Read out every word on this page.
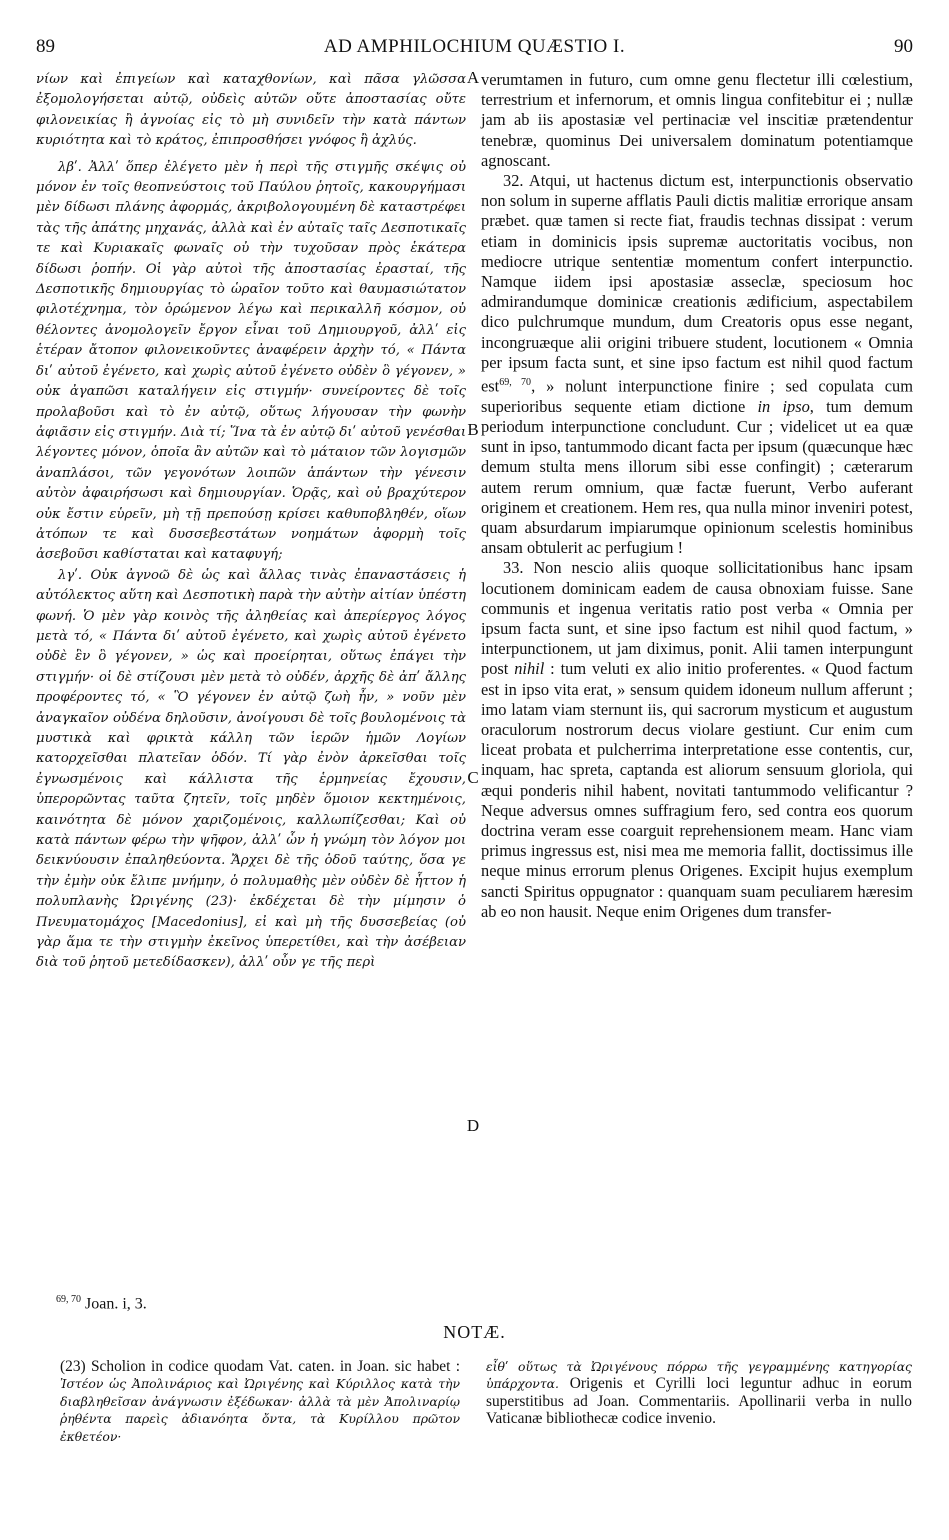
89	AD AMPHILOCHIUM QUÆSTIO I.	90

νίων καὶ ἐπιγείων καὶ καταχθονίων, καὶ πᾶσα γλῶσσα ἐξομολογήσεται αὐτῷ, οὐδεὶς αὐτῶν οὔτε ἀποστασίας οὔτε φιλονεικίας ἢ ἀγνοίας εἰς τὸ μὴ συνιδεῖν τὴν κατὰ πάντων κυριότητα καὶ τὸ κράτος, ἐπιπροσθήσει γνόφος ἢ ἀχλύς.

λβʹ. Ἀλλʹ ὅπερ ἐλέγετο μὲν ἡ περὶ τῆς στιγμῆς σκέψις οὐ μόνον ἐν τοῖς θεοπνεύστοις τοῦ Παύλου ῥητοῖς, κακουργήμασι μὲν δίδωσι πλάνης ἀφορμάς, ἀκριβολογουμένη δὲ καταστρέφει τὰς τῆς ἀπάτης μηχανάς, ἀλλὰ καὶ ἐν αὐταῖς ταῖς Δεσποτικαῖς τε καὶ Κυριακαῖς φωναῖς οὐ τὴν τυχοῦσαν πρὸς ἑκάτερα δίδωσι ῥοπήν. Οἱ γὰρ αὐτοὶ τῆς ἀποστασίας ἐρασταί, τῆς Δεσποτικῆς δημιουργίας τὸ ὡραῖον τοῦτο καὶ θαυμασιώτατον φιλοτέχνημα, τὸν ὁρώμενον λέγω καὶ περικαλλῆ κόσμον, οὐ θέλοντες ἀνομολογεῖν ἔργον εἶναι τοῦ Δημιουργοῦ, ἀλλʹ εἰς ἑτέραν ἄτοπον φιλονεικοῦντες ἀναφέρειν ἀρχὴν τό, « Πάντα διʹ αὐτοῦ ἐγένετο, καὶ χωρὶς αὐτοῦ ἐγένετο οὐδὲν ὃ γέγονεν, » οὐκ ἀγαπῶσι καταλήγειν εἰς στιγμήν· συνείροντες δὲ τοῖς προλαβοῦσι καὶ τὸ ἐν αὐτῷ, οὕτως λήγουσαν τὴν φωνὴν ἀφιᾶσιν εἰς στιγμήν. Διὰ τί; Ἵνα τὰ ἐν αὐτῷ διʹ αὐτοῦ γενέσθαι λέγοντες μόνον, ὁποῖα ἂν αὐτῶν καὶ τὸ μάταιον τῶν λογισμῶν ἀναπλάσοι, τῶν γεγονότων λοιπῶν ἁπάντων τὴν γένεσιν αὐτὸν ἀφαιρήσωσι καὶ δημιουργίαν. Ὁρᾷς, καὶ οὐ βραχύτερον οὐκ ἔστιν εὑρεῖν, μὴ τῇ πρεπούσῃ κρίσει καθυποβληθέν, οἵων ἀτόπων τε καὶ δυσσεβεστάτων νοημάτων ἀφορμὴ τοῖς ἀσεβοῦσι καθίσταται καὶ καταφυγή;

λγʹ. Οὐκ ἀγνοῶ δὲ ὡς καὶ ἄλλας τινὰς ἐπαναστάσεις ἡ αὐτόλεκτος αὕτη καὶ Δεσποτικὴ παρὰ τὴν αὐτὴν αἰτίαν ὑπέστη φωνή. Ὁ μὲν γὰρ κοινὸς τῆς ἀληθείας καὶ ἀπερίεργος λόγος μετὰ τό, « Πάντα διʹ αὐτοῦ ἐγένετο, καὶ χωρὶς αὐτοῦ ἐγένετο οὐδὲ ἓν ὃ γέγονεν, » ὡς καὶ προείρηται, οὕτως ἐπάγει τὴν στιγμήν· οἱ δὲ στίζουσι μὲν μετὰ τὸ οὐδέν, ἀρχῆς δὲ ἀπʹ ἄλλης προφέροντες τό, « Ὃ γέγονεν ἐν αὐτῷ ζωὴ ἦν, » νοῦν μὲν ἀναγκαῖον οὐδένα δηλοῦσιν, ἀνοίγουσι δὲ τοῖς βουλομένοις τὰ μυστικὰ καὶ φρικτὰ κάλλη τῶν ἱερῶν ἡμῶν Λογίων κατορχεῖσθαι πλατεῖαν ὁδόν. Τί γὰρ ἐνὸν ἀρκεῖσθαι τοῖς ἐγνωσμένοις καὶ κάλλιστα τῆς ἑρμηνείας ἔχουσιν, ὑπερορῶντας ταῦτα ζητεῖν, τοῖς μηδὲν ὅμοιον κεκτημένοις, καινότητα δὲ μόνον χαριζομένοις, καλλωπίζεσθαι; Καὶ οὐ κατὰ πάντων φέρω τὴν ψῆφον, ἀλλʹ ὧν ἡ γνώμη τὸν λόγον μοι δεικνύουσιν ἐπαληθεύοντα. Ἄρχει δὲ τῆς ὁδοῦ ταύτης, ὅσα γε τὴν ἐμὴν οὐκ ἔλιπε μνήμην, ὁ πολυμαθὴς μὲν οὐδὲν δὲ ἧττον ἡ πολυπλανὴς Ὠριγένης (23)· ἐκδέχεται δὲ τὴν μίμησιν ὁ Πνευματομάχος [Macedonius], εἰ καὶ μὴ τῆς δυσσεβείας (οὐ γὰρ ἅμα τε τὴν στιγμὴν ἐκεῖνος ὑπερετίθει, καὶ τὴν ἀσέβειαν διὰ τοῦ ῥητοῦ μετεδίδασκεν), ἀλλʹ οὖν γε τῆς περὶ

A
B
C
D

verumtamen in futuro, cum omne genu flectetur illi cœlestium, terrestrium et infernorum, et omnis lingua confitebitur ei ; nullæ jam ab iis apostasiæ vel pertinaciæ vel inscitiæ prætendentur tenebræ, quominus Dei universalem dominatum potentiamque agnoscant.

32. Atqui, ut hactenus dictum est, interpunctionis observatio non solum in superne afflatis Pauli dictis malitiæ errorique ansam præbet. quæ tamen si recte fiat, fraudis technas dissipat : verum etiam in dominicis ipsis supremæ auctoritatis vocibus, non mediocre utrique sententiæ momentum confert interpunctio. Namque iidem ipsi apostasiæ asseclæ, speciosum hoc admirandumque dominicæ creationis ædificium, aspectabilem dico pulchrumque mundum, dum Creatoris opus esse negant, incongruæque alii origini tribuere student, locutionem « Omnia per ipsum facta sunt, et sine ipso factum est nihil quod factum est$^{69, 70}$, » nolunt interpunctione finire ; sed copulata cum superioribus sequente etiam dictione in ipso, tum demum periodum interpunctione concludunt. Cur ; videlicet ut ea quæ sunt in ipso, tantummodo dicant facta per ipsum (quæcunque hæc demum stulta mens illorum sibi esse confingit) ; cæterarum autem rerum omnium, quæ factæ fuerunt, Verbo auferant originem et creationem. Hem res, qua nulla minor inveniri potest, quam absurdarum impiarumque opinionum scelestis hominibus ansam obtulerit ac perfugium !

33. Non nescio aliis quoque sollicitationibus hanc ipsam locutionem dominicam eadem de causa obnoxiam fuisse. Sane communis et ingenua veritatis ratio post verba « Omnia per ipsum facta sunt, et sine ipso factum est nihil quod factum, » interpunctionem, ut jam diximus, ponit. Alii tamen interpungunt post nihil : tum veluti ex alio initio proferentes. « Quod factum est in ipso vita erat, » sensum quidem idoneum nullum afferunt ; imo latam viam sternunt iis, qui sacrorum mysticum et augustum oraculorum nostrorum decus violare gestiunt. Cur enim cum liceat probata et pulcherrima interpretatione esse contentis, cur, inquam, hac spreta, captanda est aliorum sensuum gloriola, qui æqui ponderis nihil habent, novitati tantummodo velificantur ? Neque adversus omnes suffragium fero, sed contra eos quorum doctrina veram esse coarguit reprehensionem meam. Hanc viam primus ingressus est, nisi mea me memoria fallit, doctissimus ille neque minus errorum plenus Origenes. Excipit hujus exemplum sancti Spiritus oppugnator : quanquam suam peculiarem hæresim ab eo non hausit. Neque enim Origenes dum transfer-

$^{69, 70}$ Joan. i, 3.
NOTÆ.
(23) Scholion in codice quodam Vat. caten. in Joan. sic habet : Ἰστέον ὡς Ἀπολινάριος καὶ Ὠριγένης καὶ Κύριλλος κατὰ τὴν διαβληθεῖσαν ἀνάγνωσιν ἐξέδωκαν· ἀλλὰ τὰ μὲν Ἀπολιναρίῳ ῥηθέντα παρεὶς ἀδιανόητα ὄντα, τὰ Κυρίλλου πρῶτον ἐκθετέον·
εἶθʹ οὕτως τὰ Ὠριγένους πόρρω τῆς γεγραμμένης κατηγορίας ὑπάρχοντα. Origenis et Cyrilli loci leguntur adhuc in eorum superstitibus ad Joan. Commentariis. Apollinarii verba in nullo Vaticanæ bibliothecæ codice invenio.
